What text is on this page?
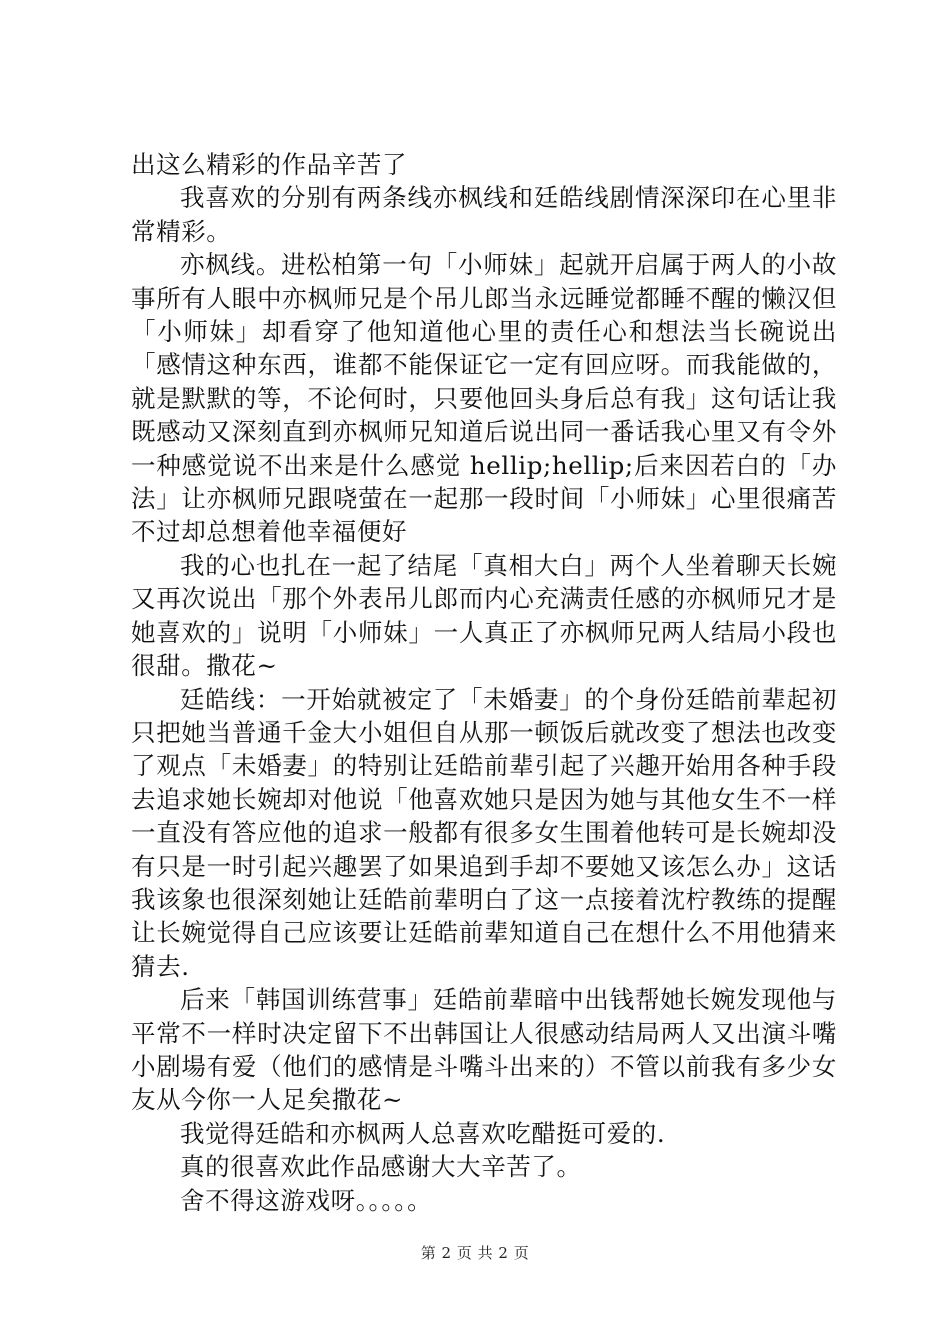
出这么精彩的作品辛苦了

我喜欢的分别有两条线亦枫线和廷皓线剧情深深印在心里非常精彩。

亦枫线。进松柏第一句「小师妹」起就开启属于两人的小故事所有人眼中亦枫师兄是个吊儿郎当永远睡觉都睡不醒的懒汉但「小师妹」却看穿了他知道他心里的责任心和想法当长碗说出「感情这种东西，谁都不能保证它一定有回应呀。而我能做的，就是默默的等，不论何时，只要他回头身后总有我」这句话让我既感动又深刻直到亦枫师兄知道后说出同一番话我心里又有令外一种感觉说不出来是什么感觉 hellip;hellip;后来因若白的「办法」让亦枫师兄跟哓萤在一起那一段时间「小师妹」心里很痛苦不过却总想着他幸福便好

我的心也扎在一起了结尾「真相大白」两个人坐着聊天长婉又再次说出「那个外表吊儿郎而内心充满责任感的亦枫师兄才是她喜欢的」说明「小师妹」一人真正了亦枫师兄两人结局小段也很甜。撒花~

廷皓线：一开始就被定了「未婚妻」的个身份廷皓前辈起初只把她当普通千金大小姐但自从那一顿饭后就改变了想法也改变了观点「未婚妻」的特别让廷皓前辈引起了兴趣开始用各种手段去追求她长婉却对他说「他喜欢她只是因为她与其他女生不一样一直没有答应他的追求一般都有很多女生围着他转可是长婉却没有只是一时引起兴趣罢了如果追到手却不要她又该怎么办」这话我该象也很深刻她让廷皓前辈明白了这一点接着沈柠教练的提醒让长婉觉得自己应该要让廷皓前辈知道自己在想什么不用他猜来猜去.

后来「韩国训练营事」廷皓前辈暗中出钱帮她长婉发现他与平常不一样时决定留下不出韩国让人很感动结局两人又出演斗嘴小剧場有爱（他们的感情是斗嘴斗出来的）不管以前我有多少女友从今你一人足矣撒花~

我觉得廷皓和亦枫两人总喜欢吃醋挺可爱的.

真的很喜欢此作品感谢大大辛苦了。

舍不得这游戏呀。。。。。

第 2 页 共 2 页
